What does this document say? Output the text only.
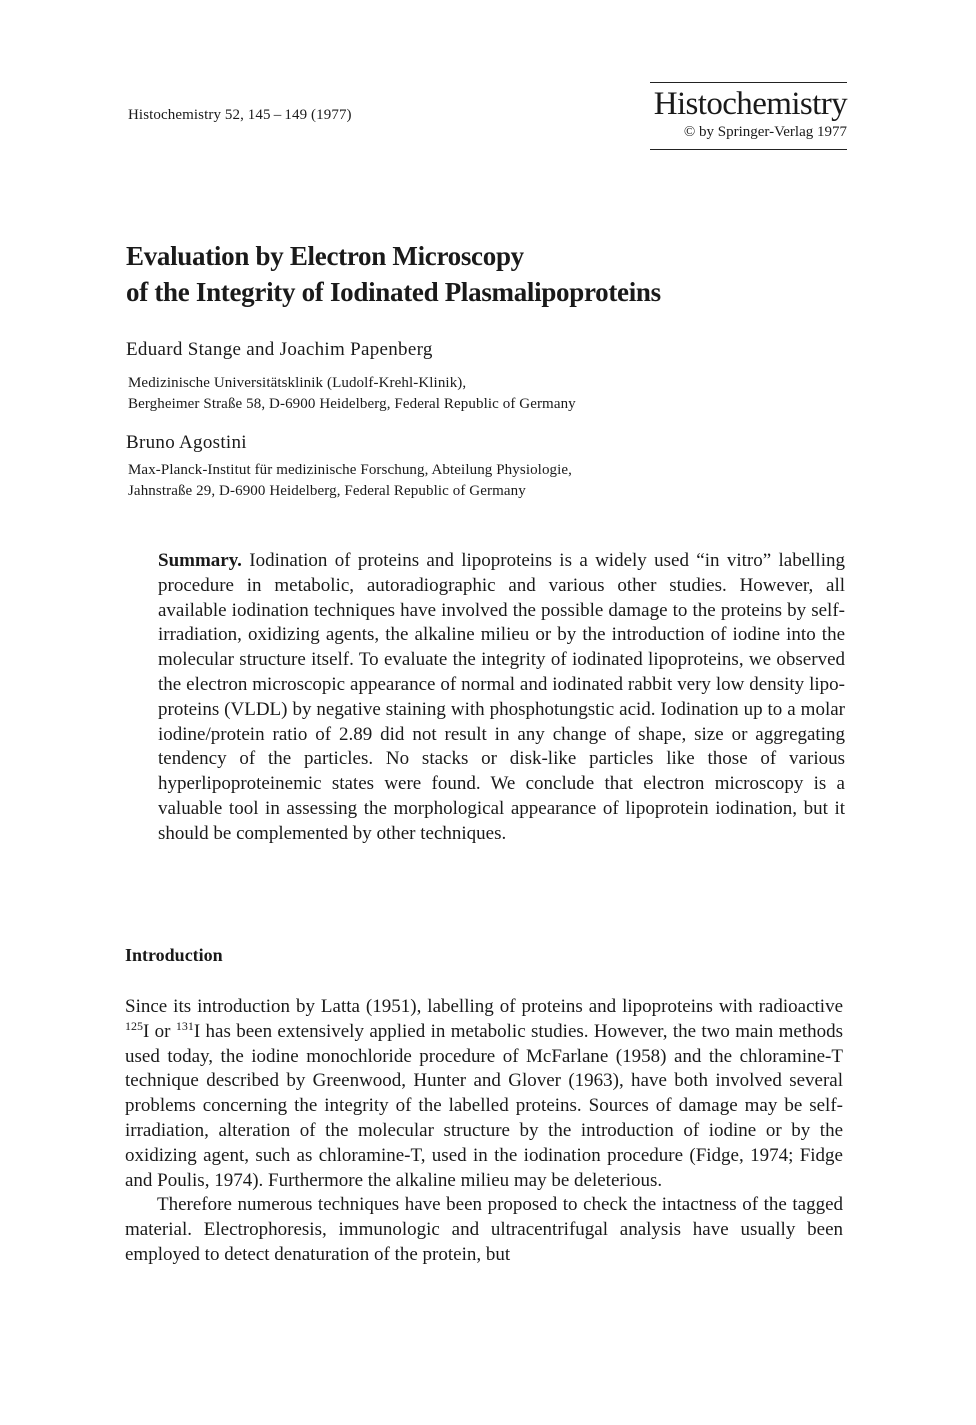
Histochemistry 52, 145 – 149 (1977)	Histochemistry
© by Springer-Verlag 1977
Evaluation by Electron Microscopy
of the Integrity of Iodinated Plasmalipoproteins
Eduard Stange and Joachim Papenberg
Medizinische Universitätsklinik (Ludolf-Krehl-Klinik),
Bergheimer Straße 58, D-6900 Heidelberg, Federal Republic of Germany
Bruno Agostini
Max-Planck-Institut für medizinische Forschung, Abteilung Physiologie,
Jahnstraße 29, D-6900 Heidelberg, Federal Republic of Germany
Summary. Iodination of proteins and lipoproteins is a widely used “in vitro” labelling procedure in metabolic, autoradiographic and various other studies. However, all available iodination techniques have involved the possible damage to the proteins by self-irradiation, oxidizing agents, the alkaline milieu or by the introduction of iodine into the molecular structure itself. To evaluate the integrity of iodinated lipoproteins, we observed the electron microscopic appearance of normal and iodinated rabbit very low density lipoproteins (VLDL) by negative staining with phosphotungstic acid. Iodination up to a molar iodine/protein ratio of 2.89 did not result in any change of shape, size or aggregating tendency of the particles. No stacks or disk-like particles like those of various hyperlipoproteinemic states were found. We conclude that electron microscopy is a valuable tool in assessing the morphological appearance of lipoprotein iodination, but it should be complemented by other techniques.
Introduction

Since its introduction by Latta (1951), labelling of proteins and lipoproteins with radioactive $^{125}$I or $^{131}$I has been extensively applied in metabolic studies. However, the two main methods used today, the iodine monochloride procedure of McFarlane (1958) and the chloramine-T technique described by Greenwood, Hunter and Glover (1963), have both involved several problems concerning the integrity of the labelled proteins. Sources of damage may be self-irradiation, alteration of the molecular structure by the introduction of iodine or by the oxidizing agent, such as chloramine-T, used in the iodination procedure (Fidge, 1974; Fidge and Poulis, 1974). Furthermore the alkaline milieu may be deleterious.

Therefore numerous techniques have been proposed to check the intactness of the tagged material. Electrophoresis, immunologic and ultracentrifugal analysis have usually been employed to detect denaturation of the protein, but
